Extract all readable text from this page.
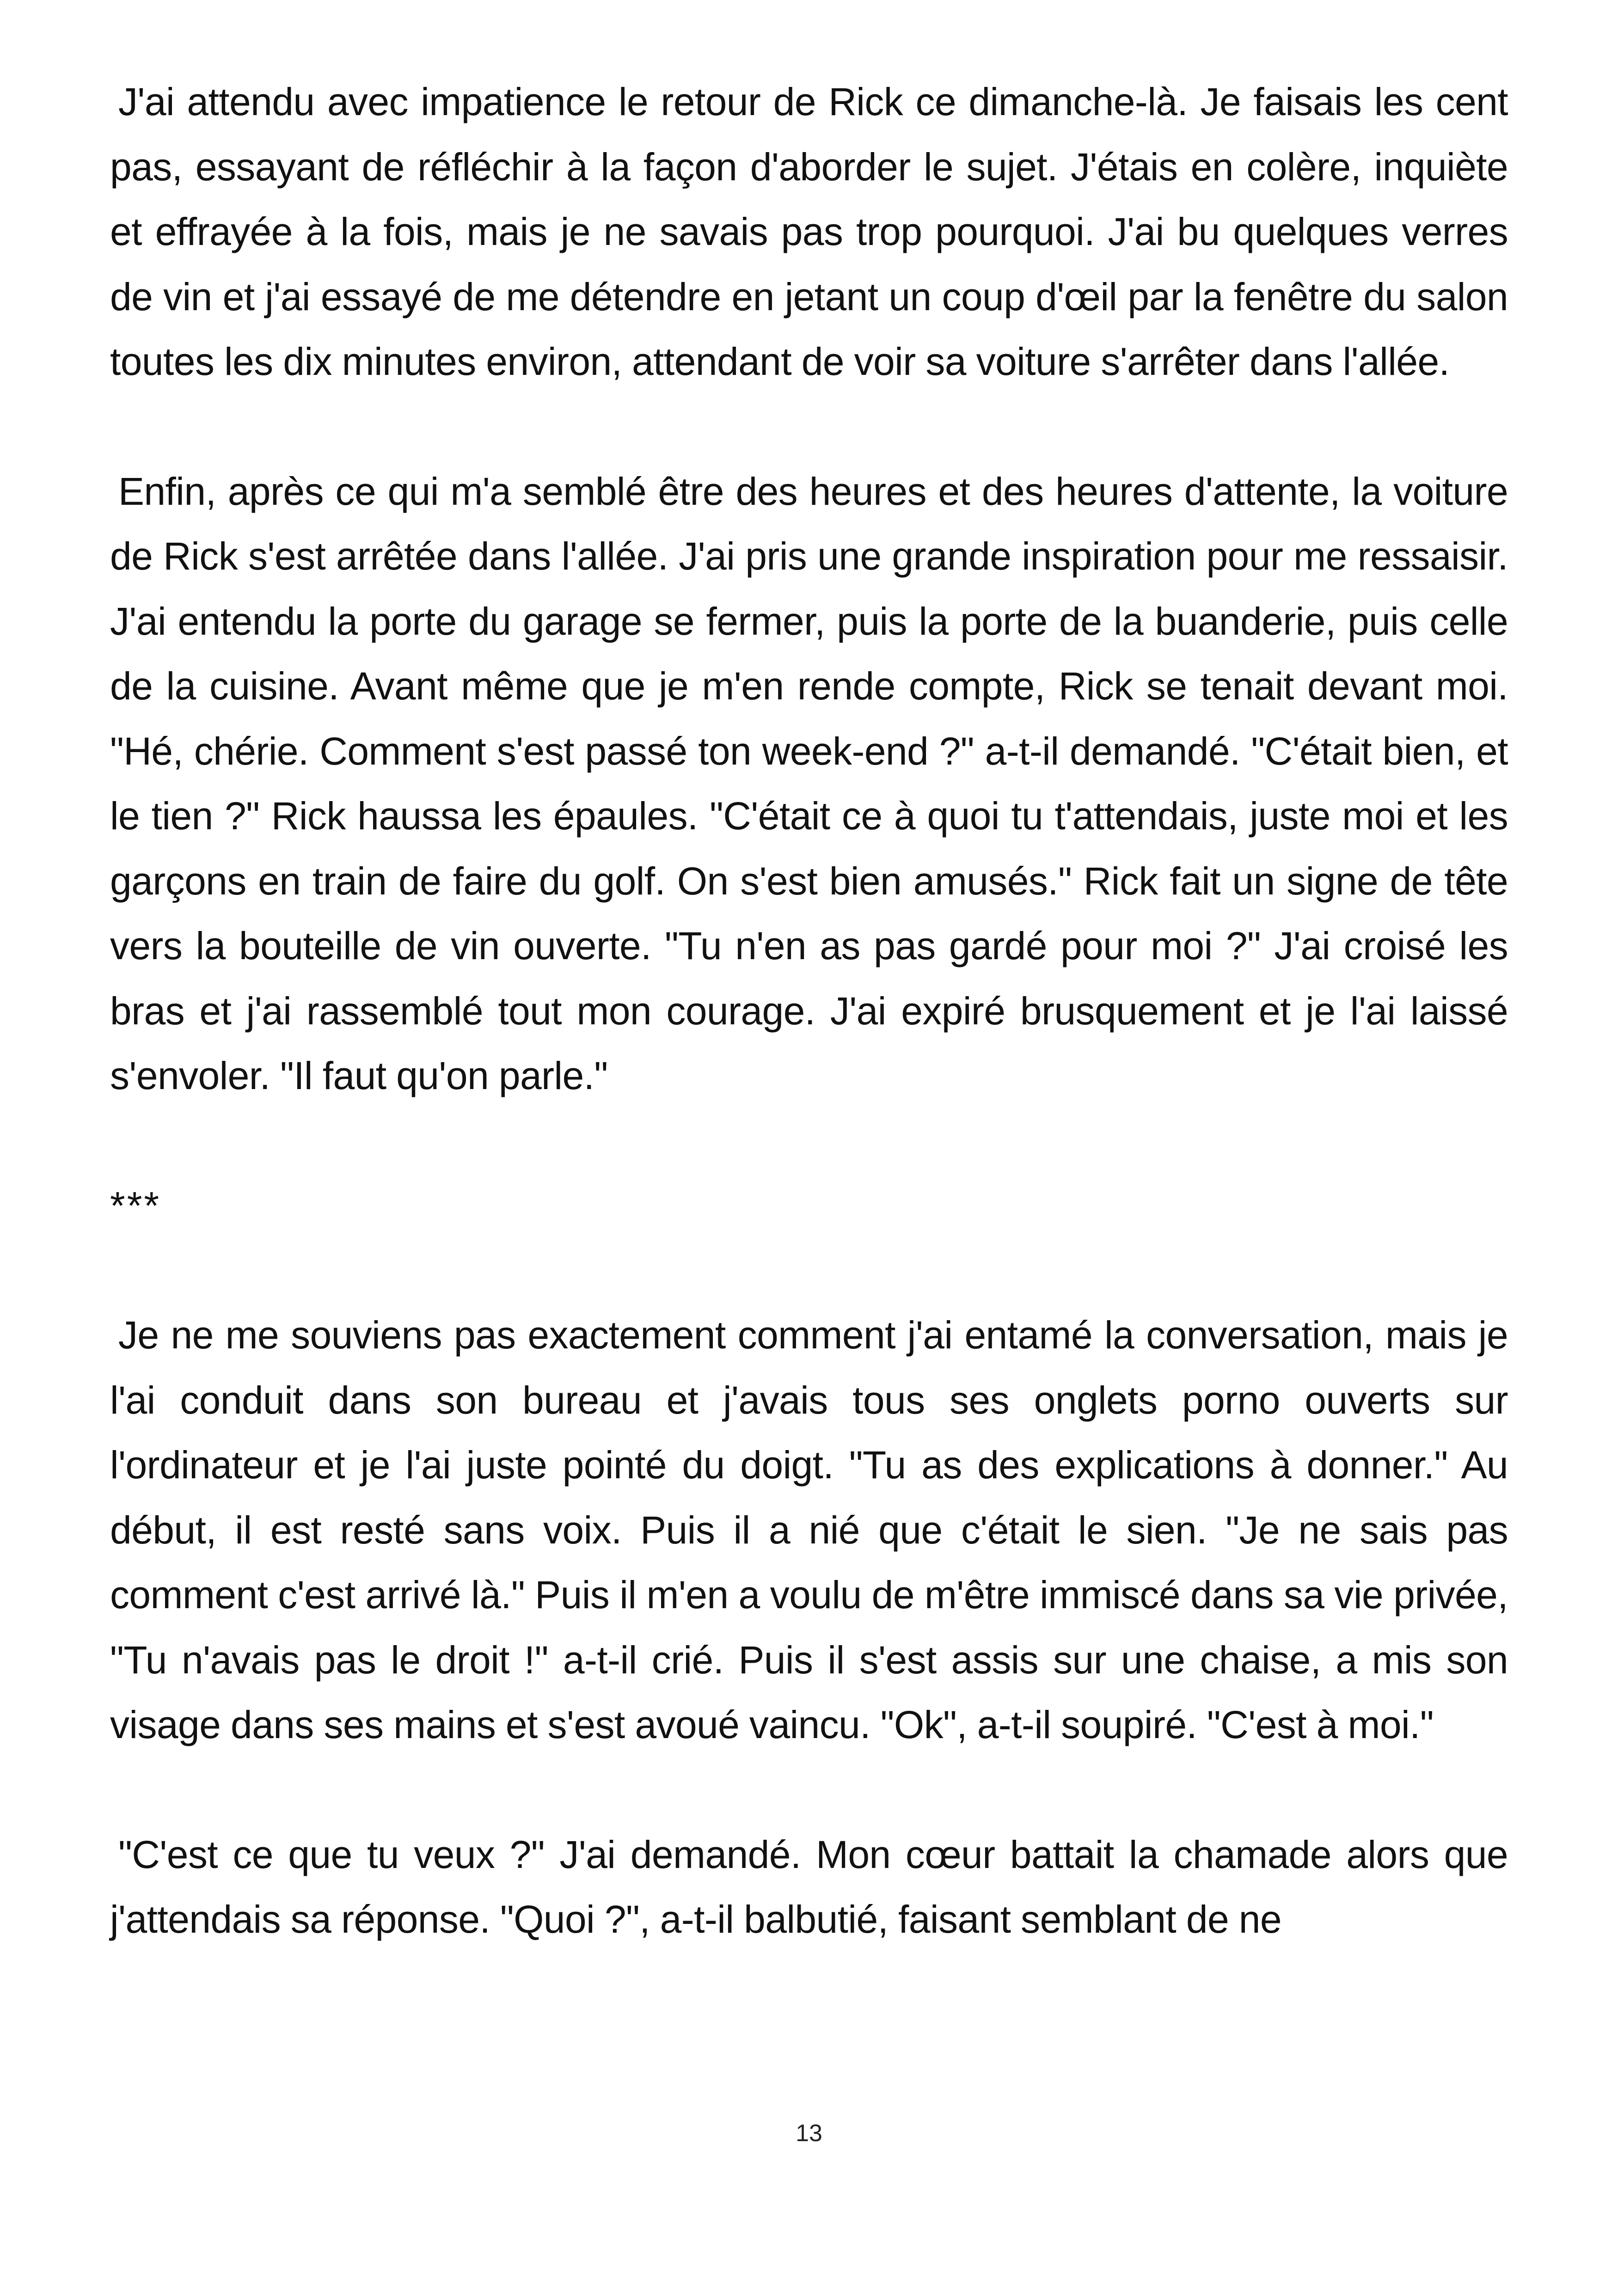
J'ai attendu avec impatience le retour de Rick ce dimanche-là. Je faisais les cent pas, essayant de réfléchir à la façon d'aborder le sujet. J'étais en colère, inquiète et effrayée à la fois, mais je ne savais pas trop pourquoi. J'ai bu quelques verres de vin et j'ai essayé de me détendre en jetant un coup d'œil par la fenêtre du salon toutes les dix minutes environ, attendant de voir sa voiture s'arrêter dans l'allée.

Enfin, après ce qui m'a semblé être des heures et des heures d'attente, la voiture de Rick s'est arrêtée dans l'allée. J'ai pris une grande inspiration pour me ressaisir. J'ai entendu la porte du garage se fermer, puis la porte de la buanderie, puis celle de la cuisine. Avant même que je m'en rende compte, Rick se tenait devant moi. "Hé, chérie. Comment s'est passé ton week-end ?" a-t-il demandé. "C'était bien, et le tien ?" Rick haussa les épaules. "C'était ce à quoi tu t'attendais, juste moi et les garçons en train de faire du golf. On s'est bien amusés." Rick fait un signe de tête vers la bouteille de vin ouverte. "Tu n'en as pas gardé pour moi ?" J'ai croisé les bras et j'ai rassemblé tout mon courage. J'ai expiré brusquement et je l'ai laissé s'envoler. "Il faut qu'on parle."

***

Je ne me souviens pas exactement comment j'ai entamé la conversation, mais je l'ai conduit dans son bureau et j'avais tous ses onglets porno ouverts sur l'ordinateur et je l'ai juste pointé du doigt. "Tu as des explications à donner." Au début, il est resté sans voix. Puis il a nié que c'était le sien. "Je ne sais pas comment c'est arrivé là." Puis il m'en a voulu de m'être immiscé dans sa vie privée, "Tu n'avais pas le droit !" a-t-il crié. Puis il s'est assis sur une chaise, a mis son visage dans ses mains et s'est avoué vaincu. "Ok", a-t-il soupiré. "C'est à moi."

"C'est ce que tu veux ?" J'ai demandé. Mon cœur battait la chamade alors que j'attendais sa réponse. "Quoi ?", a-t-il balbutié, faisant semblant de ne

13
